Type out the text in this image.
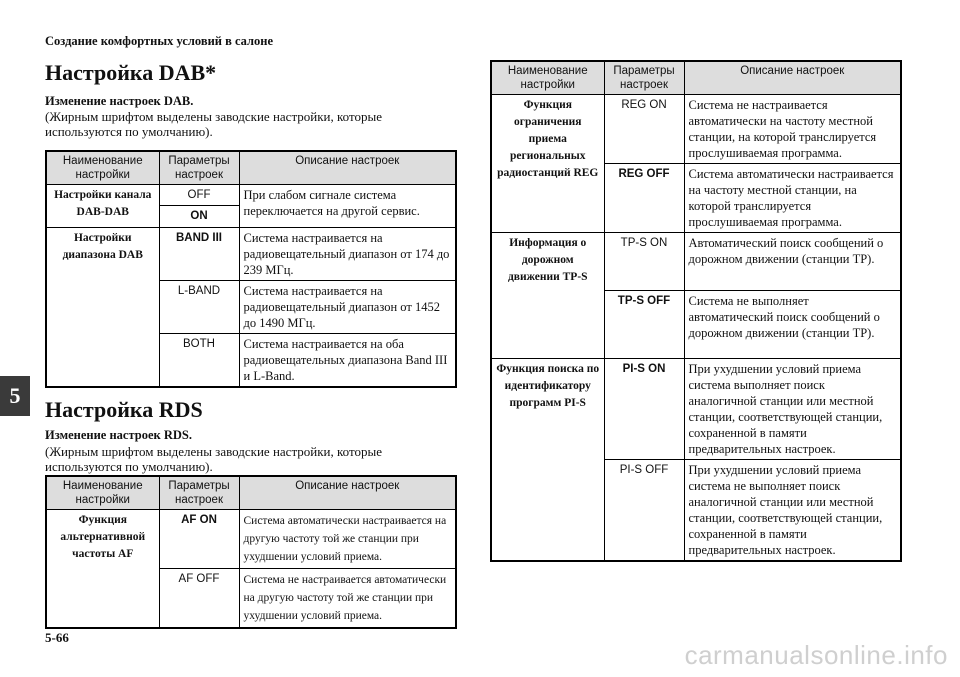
Создание комфортных условий в салоне
Настройка DAB*
Изменение настроек DAB.
(Жирным шрифтом выделены заводские настройки, которые используются по умолчанию).
Наименование настройки	Параметры настроек	Описание настроек
Настройки канала DAB-DAB	OFF	При слабом сигнале система переключается на другой сервис.
	ON	
Настройки диапазона DAB	BAND III	Система настраивается на радиовещательный диапазон от 174 до 239 МГц.
	L-BAND	Система настраивается на радиовещательный диапазон от 1452 до 1490 МГц.
	BOTH	Система настраивается на оба радиовещательных диапазона Band III и L-Band.
Настройка RDS
Изменение настроек RDS.
(Жирным шрифтом выделены заводские настройки, которые используются по умолчанию).
Наименование настройки	Параметры настроек	Описание настроек
Функция альтернативной частоты AF	AF ON	Система автоматически настраивается на другую частоту той же станции при ухудшении условий приема.
	AF OFF	Система не настраивается автоматически на другую частоту той же станции при ухудшении условий приема.
Наименование настройки	Параметры настроек	Описание настроек
Функция ограничения приема региональных радиостанций REG	REG ON	Система не настраивается автоматически на частоту местной станции, на которой транслируется прослушиваемая программа.
	REG OFF	Система автоматически настраивается на частоту местной станции, на которой транслируется прослушиваемая программа.
Информация о дорожном движении TP-S	TP-S ON	Автоматический поиск сообщений о дорожном движении (станции TP).
	TP-S OFF	Система не выполняет автоматический поиск сообщений о дорожном движении (станции TP).
Функция поиска по идентификатору программ PI-S	PI-S ON	При ухудшении условий приема система выполняет поиск аналогичной станции или местной станции, соответствующей станции, сохраненной в памяти предварительных настроек.
	PI-S OFF	При ухудшении условий приема система не выполняет поиск аналогичной станции или местной станции, соответствующей станции, сохраненной в памяти предварительных настроек.
5
5-66
carmanualsonline.info
